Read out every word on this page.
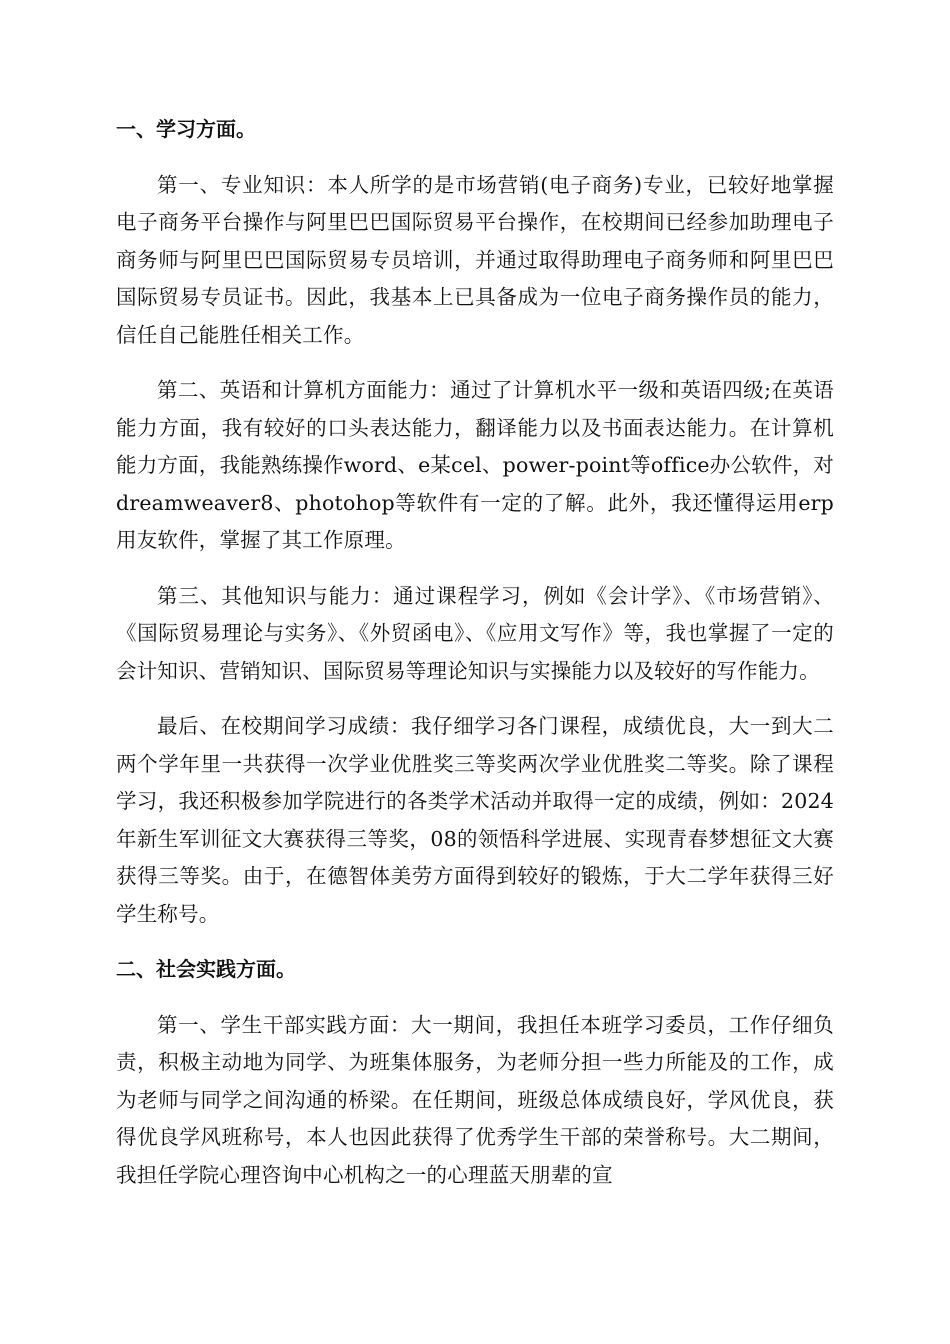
一、学习方面。

第一、专业知识：本人所学的是市场营销(电子商务)专业，已较好地掌握电子商务平台操作与阿里巴巴国际贸易平台操作，在校期间已经参加助理电子商务师与阿里巴巴国际贸易专员培训，并通过取得助理电子商务师和阿里巴巴国际贸易专员证书。因此，我基本上已具备成为一位电子商务操作员的能力，信任自己能胜任相关工作。

第二、英语和计算机方面能力：通过了计算机水平一级和英语四级;在英语能力方面，我有较好的口头表达能力，翻译能力以及书面表达能力。在计算机能力方面，我能熟练操作word、e某cel、power-point等office办公软件，对dreamweaver8、photohop等软件有一定的了解。此外，我还懂得运用erp用友软件，掌握了其工作原理。

第三、其他知识与能力：通过课程学习，例如《会计学》、《市场营销》、《国际贸易理论与实务》、《外贸函电》、《应用文写作》等，我也掌握了一定的会计知识、营销知识、国际贸易等理论知识与实操能力以及较好的写作能力。

最后、在校期间学习成绩：我仔细学习各门课程，成绩优良，大一到大二两个学年里一共获得一次学业优胜奖三等奖两次学业优胜奖二等奖。除了课程学习，我还积极参加学院进行的各类学术活动并取得一定的成绩，例如：2024年新生军训征文大赛获得三等奖，08的领悟科学进展、实现青春梦想征文大赛获得三等奖。由于，在德智体美劳方面得到较好的锻炼，于大二学年获得三好学生称号。

二、社会实践方面。

第一、学生干部实践方面：大一期间，我担任本班学习委员，工作仔细负责，积极主动地为同学、为班集体服务，为老师分担一些力所能及的工作，成为老师与同学之间沟通的桥梁。在任期间，班级总体成绩良好，学风优良，获得优良学风班称号，本人也因此获得了优秀学生干部的荣誉称号。大二期间，我担任学院心理咨询中心机构之一的心理蓝天朋辈的宣
